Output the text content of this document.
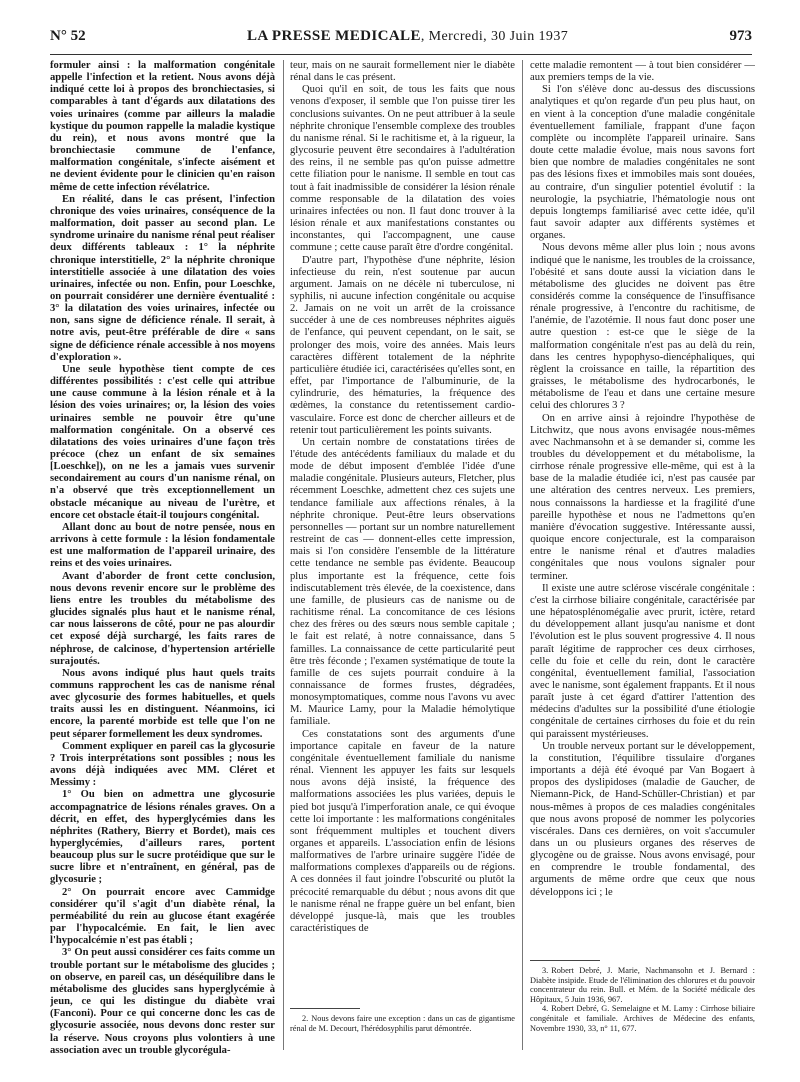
N° 52	LA PRESSE MEDICALE, Mercredi, 30 Juin 1937	973

formuler ainsi : la malformation congénitale appelle l'infection et la retient. Nous avons déjà indiqué cette loi à propos des bronchiectasies, si comparables à tant d'égards aux dilatations des voies urinaires (comme par ailleurs la maladie kystique du poumon rappelle la maladie kystique du rein), et nous avons montré que la bronchiectasie commune de l'enfance, malformation congénitale, s'infecte aisément et ne devient évidente pour le clinicien qu'en raison même de cette infection révélatrice.

En réalité, dans le cas présent, l'infection chronique des voies urinaires, conséquence de la malformation, doit passer au second plan. Le syndrome urinaire du nanisme rénal peut réaliser deux différents tableaux : 1° la néphrite chronique interstitielle, 2° la néphrite chronique interstitielle associée à une dilatation des voies urinaires, infectée ou non. Enfin, pour Loeschke, on pourrait considérer une dernière éventualité : 3° la dilatation des voies urinaires, infectée ou non, sans signe de déficience rénale. Il serait, à notre avis, peut-être préférable de dire « sans signe de déficience rénale accessible à nos moyens d'exploration ».

Une seule hypothèse tient compte de ces différentes possibilités : c'est celle qui attribue une cause commune à la lésion rénale et à la lésion des voies urinaires; or, la lésion des voies urinaires semble ne pouvoir être qu'une malformation congénitale. On a observé ces dilatations des voies urinaires d'une façon très précoce (chez un enfant de six semaines [Loeschke]), on ne les a jamais vues survenir secondairement au cours d'un nanisme rénal, on n'a observé que très exceptionnellement un obstacle mécanique au niveau de l'urètre, et encore cet obstacle était-il toujours congénital.

Allant donc au bout de notre pensée, nous en arrivons à cette formule : la lésion fondamentale est une malformation de l'appareil urinaire, des reins et des voies urinaires.

Avant d'aborder de front cette conclusion, nous devons revenir encore sur le problème des liens entre les troubles du métabolisme des glucides signalés plus haut et le nanisme rénal, car nous laisserons de côté, pour ne pas alourdir cet exposé déjà surchargé, les faits rares de néphrose, de calcinose, d'hypertension artérielle surajoutés.

Nous avons indiqué plus haut quels traits communs rapprochent les cas de nanisme rénal avec glycosurie des formes habituelles, et quels traits aussi les en distinguent. Néanmoins, ici encore, la parenté morbide est telle que l'on ne peut séparer formellement les deux syndromes.

Comment expliquer en pareil cas la glycosurie ? Trois interprétations sont possibles ; nous les avons déjà indiquées avec MM. Cléret et Messimy :

1° Ou bien on admettra une glycosurie accompagnatrice de lésions rénales graves. On a décrit, en effet, des hyperglycémies dans les néphrites (Rathery, Bierry et Bordet), mais ces hyperglycémies, d'ailleurs rares, portent beaucoup plus sur le sucre protéidique que sur le sucre libre et n'entraînent, en général, pas de glycosurie ;

2° On pourrait encore avec Cammidge considérer qu'il s'agit d'un diabète rénal, la perméabilité du rein au glucose étant exagérée par l'hypocalcémie. En fait, le lien avec l'hypocalcémie n'est pas établi ;

3° On peut aussi considérer ces faits comme un trouble portant sur le métabolisme des glucides ; on observe, en pareil cas, un déséquilibre dans le métabolisme des glucides sans hyperglycémie à jeun, ce qui les distingue du diabète vrai (Fanconi). Pour ce qui concerne donc les cas de glycosurie associée, nous devons donc rester sur la réserve. Nous croyons plus volontiers à une association avec un trouble glycorégula-

teur, mais on ne saurait formellement nier le diabète rénal dans le cas présent.

Quoi qu'il en soit, de tous les faits que nous venons d'exposer, il semble que l'on puisse tirer les conclusions suivantes. On ne peut attribuer à la seule néphrite chronique l'ensemble complexe des troubles du nanisme rénal. Si le rachitisme et, à la rigueur, la glycosurie peuvent être secondaires à l'adultération des reins, il ne semble pas qu'on puisse admettre cette filiation pour le nanisme. Il semble en tout cas tout à fait inadmissible de considérer la lésion rénale comme responsable de la dilatation des voies urinaires infectées ou non. Il faut donc trouver à la lésion rénale et aux manifestations constantes ou inconstantes, qui l'accompagnent, une cause commune ; cette cause paraît être d'ordre congénital.

D'autre part, l'hypothèse d'une néphrite, lésion infectieuse du rein, n'est soutenue par aucun argument. Jamais on ne décèle ni tuberculose, ni syphilis, ni aucune infection congénitale ou acquise 2. Jamais on ne voit un arrêt de la croissance succéder à une de ces nombreuses néphrites aiguës de l'enfance, qui peuvent cependant, on le sait, se prolonger des mois, voire des années. Mais leurs caractères diffèrent totalement de la néphrite particulière étudiée ici, caractérisées qu'elles sont, en effet, par l'importance de l'albuminurie, de la cylindrurie, des hématuries, la fréquence des œdèmes, la constance du retentissement cardio-vasculaire. Force est donc de chercher ailleurs et de retenir tout particulièrement les points suivants.

Un certain nombre de constatations tirées de l'étude des antécédents familiaux du malade et du mode de début imposent d'emblée l'idée d'une maladie congénitale. Plusieurs auteurs, Fletcher, plus récemment Loeschke, admettent chez ces sujets une tendance familiale aux affections rénales, à la néphrite chronique. Peut-être leurs observations personnelles — portant sur un nombre naturellement restreint de cas — donnent-elles cette impression, mais si l'on considère l'ensemble de la littérature cette tendance ne semble pas évidente. Beaucoup plus importante est la fréquence, cette fois indiscutablement très élevée, de la coexistence, dans une famille, de plusieurs cas de nanisme ou de rachitisme rénal. La concomitance de ces lésions chez des frères ou des sœurs nous semble capitale ; le fait est relaté, à notre connaissance, dans 5 familles. La connaissance de cette particularité peut être très féconde ; l'examen systématique de toute la famille de ces sujets pourrait conduire à la connaissance de formes frustes, dégradées, monosymptomatiques, comme nous l'avons vu avec M. Maurice Lamy, pour la Maladie hémolytique familiale.

Ces constatations sont des arguments d'une importance capitale en faveur de la nature congénitale éventuellement familiale du nanisme rénal. Viennent les appuyer les faits sur lesquels nous avons déjà insisté, la fréquence des malformations associées les plus variées, depuis le pied bot jusqu'à l'imperforation anale, ce qui évoque cette loi importante : les malformations congénitales sont fréquemment multiples et touchent divers organes et appareils. L'association enfin de lésions malformatives de l'arbre urinaire suggère l'idée de malformations complexes d'appareils ou de régions. A ces données il faut joindre l'obscurité ou plutôt la précocité remarquable du début ; nous avons dit que le nanisme rénal ne frappe guère un bel enfant, bien développé jusque-là, mais que les troubles caractéristiques de

2. Nous devons faire une exception : dans un cas de gigantisme rénal de M. Decourt, l'hérédosyphilis parut démontrée.

cette maladie remontent — à tout bien considérer — aux premiers temps de la vie.

Si l'on s'élève donc au-dessus des discussions analytiques et qu'on regarde d'un peu plus haut, on en vient à la conception d'une maladie congénitale éventuellement familiale, frappant d'une façon complète ou incomplète l'appareil urinaire. Sans doute cette maladie évolue, mais nous savons fort bien que nombre de maladies congénitales ne sont pas des lésions fixes et immobiles mais sont douées, au contraire, d'un singulier potentiel évolutif : la neurologie, la psychiatrie, l'hématologie nous ont depuis longtemps familiarisé avec cette idée, qu'il faut savoir adapter aux différents systèmes et organes.

Nous devons même aller plus loin ; nous avons indiqué que le nanisme, les troubles de la croissance, l'obésité et sans doute aussi la viciation dans le métabolisme des glucides ne doivent pas être considérés comme la conséquence de l'insuffisance rénale progressive, à l'encontre du rachitisme, de l'anémie, de l'azotémie. Il nous faut donc poser une autre question : est-ce que le siège de la malformation congénitale n'est pas au delà du rein, dans les centres hypophyso-diencéphaliques, qui règlent la croissance en taille, la répartition des graisses, le métabolisme des hydrocarbonés, le métabolisme de l'eau et dans une certaine mesure celui des chlorures 3 ?

On en arrive ainsi à rejoindre l'hypothèse de Litchwitz, que nous avons envisagée nous-mêmes avec Nachmansohn et à se demander si, comme les troubles du développement et du métabolisme, la cirrhose rénale progressive elle-même, qui est à la base de la maladie étudiée ici, n'est pas causée par une altération des centres nerveux. Les premiers, nous connaissons la hardiesse et la fragilité d'une pareille hypothèse et nous ne l'admettons qu'en manière d'évocation suggestive. Intéressante aussi, quoique encore conjecturale, est la comparaison entre le nanisme rénal et d'autres maladies congénitales que nous voulons signaler pour terminer.

Il existe une autre sclérose viscérale congénitale : c'est la cirrhose biliaire congénitale, caractérisée par une hépatosplénomégalie avec prurit, ictère, retard du développement allant jusqu'au nanisme et dont l'évolution est le plus souvent progressive 4. Il nous paraît légitime de rapprocher ces deux cirrhoses, celle du foie et celle du rein, dont le caractère congénital, éventuellement familial, l'association avec le nanisme, sont également frappants. Et il nous paraît juste à cet égard d'attirer l'attention des médecins d'adultes sur la possibilité d'une étiologie congénitale de certaines cirrhoses du foie et du rein qui paraissent mystérieuses.

Un trouble nerveux portant sur le développement, la constitution, l'équilibre tissulaire d'organes importants a déjà été évoqué par Van Bogaert à propos des dyslipidoses (maladie de Gaucher, de Niemann-Pick, de Hand-Schüller-Christian) et par nous-mêmes à propos de ces maladies congénitales que nous avons proposé de nommer les polycories viscérales. Dans ces dernières, on voit s'accumuler dans un ou plusieurs organes des réserves de glycogène ou de graisse. Nous avons envisagé, pour en comprendre le trouble fondamental, des arguments de même ordre que ceux que nous développons ici ; le

3. Robert Debré, J. Marie, Nachmansohn et J. Bernard : Diabète insipide. Etude de l'élimination des chlorures et du pouvoir concentrateur du rein. Bull. et Mém. de la Société médicale des Hôpitaux, 5 Juin 1936, 967.

4. Robert Debré, G. Semelaigne et M. Lamy : Cirrhose biliaire congénitale et familiale. Archives de Médecine des enfants, Novembre 1930, 33, n° 11, 677.
